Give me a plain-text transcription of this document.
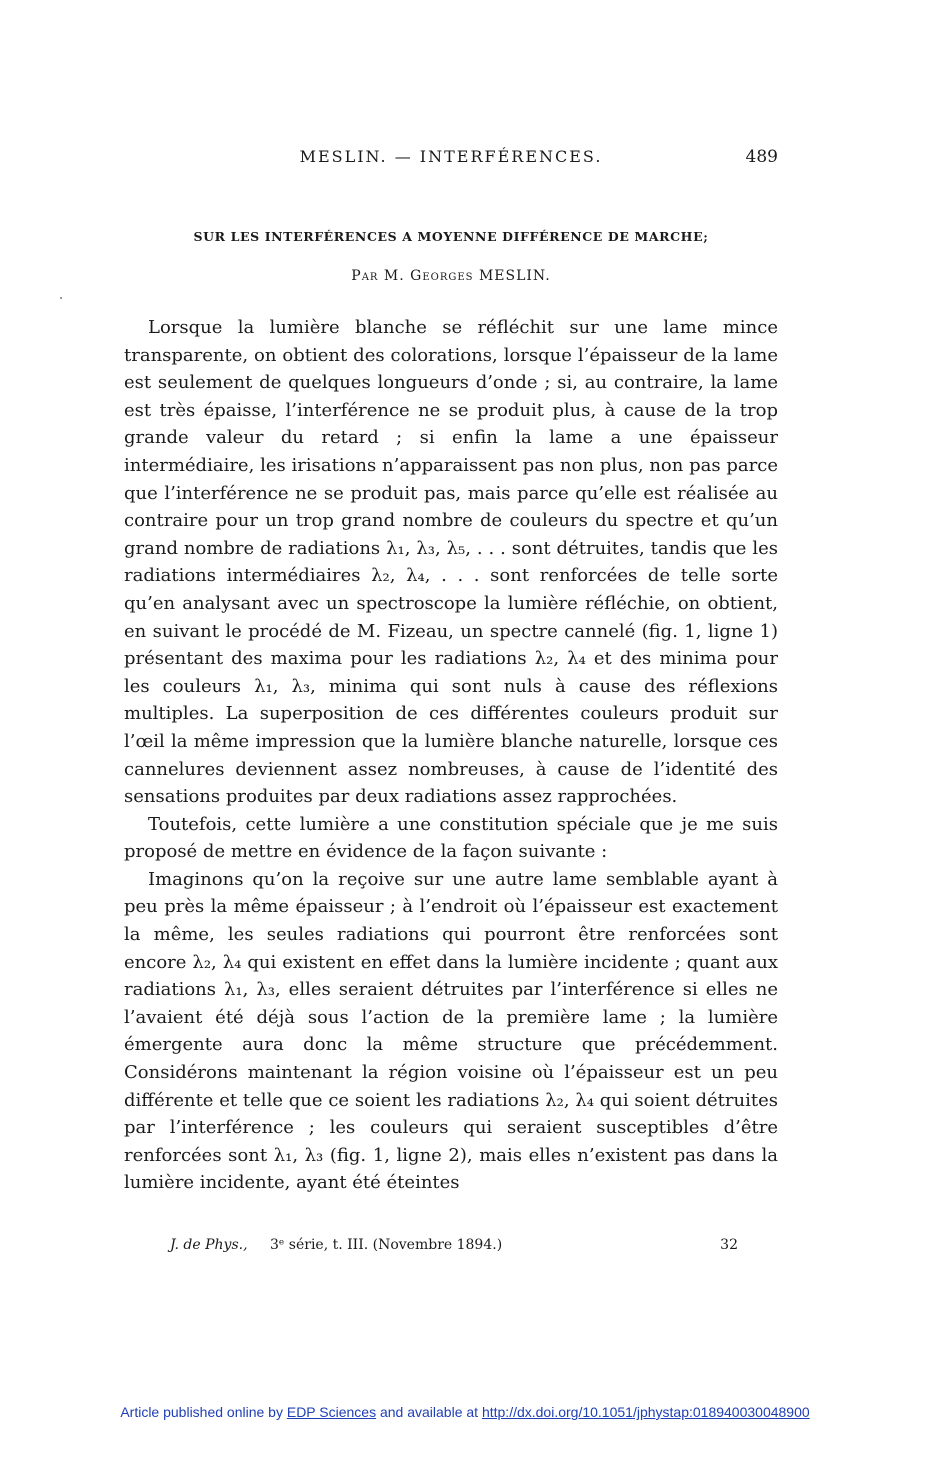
MESLIN. — INTERFÉRENCES.	489
SUR LES INTERFÉRENCES A MOYENNE DIFFÉRENCE DE MARCHE;
Par M. Georges MESLIN.

Lorsque la lumière blanche se réfléchit sur une lame mince transparente, on obtient des colorations, lorsque l’épaisseur de la lame est seulement de quelques longueurs d’onde ; si, au contraire, la lame est très épaisse, l’interférence ne se produit plus, à cause de la trop grande valeur du retard ; si enfin la lame a une épaisseur intermédiaire, les irisations n’apparaissent pas non plus, non pas parce que l’interférence ne se produit pas, mais parce qu’elle est réalisée au contraire pour un trop grand nombre de couleurs du spectre et qu’un grand nombre de radiations λ₁, λ₃, λ₅, . . . sont détruites, tandis que les radiations intermédiaires λ₂, λ₄, . . . sont renforcées de telle sorte qu’en analysant avec un spectroscope la lumière réfléchie, on obtient, en suivant le procédé de M. Fizeau, un spectre cannelé (fig. 1, ligne 1) présentant des maxima pour les radiations λ₂, λ₄ et des minima pour les couleurs λ₁, λ₃, minima qui sont nuls à cause des réflexions multiples. La superposition de ces différentes couleurs produit sur l’œil la même impression que la lumière blanche naturelle, lorsque ces cannelures deviennent assez nombreuses, à cause de l’identité des sensations produites par deux radiations assez rapprochées.

Toutefois, cette lumière a une constitution spéciale que je me suis proposé de mettre en évidence de la façon suivante :

Imaginons qu’on la reçoive sur une autre lame semblable ayant à peu près la même épaisseur ; à l’endroit où l’épaisseur est exactement la même, les seules radiations qui pourront être renforcées sont encore λ₂, λ₄ qui existent en effet dans la lumière incidente ; quant aux radiations λ₁, λ₃, elles seraient détruites par l’interférence si elles ne l’avaient été déjà sous l’action de la première lame ; la lumière émergente aura donc la même structure que précédemment. Considérons maintenant la région voisine où l’épaisseur est un peu différente et telle que ce soient les radiations λ₂, λ₄ qui soient détruites par l’interférence ; les couleurs qui seraient susceptibles d’être renforcées sont λ₁, λ₃ (fig. 1, ligne 2), mais elles n’existent pas dans la lumière incidente, ayant été éteintes

J. de Phys., 3ᵉ série, t. III. (Novembre 1894.)	32
Article published online by EDP Sciences and available at http://dx.doi.org/10.1051/jphystap:018940030048900
